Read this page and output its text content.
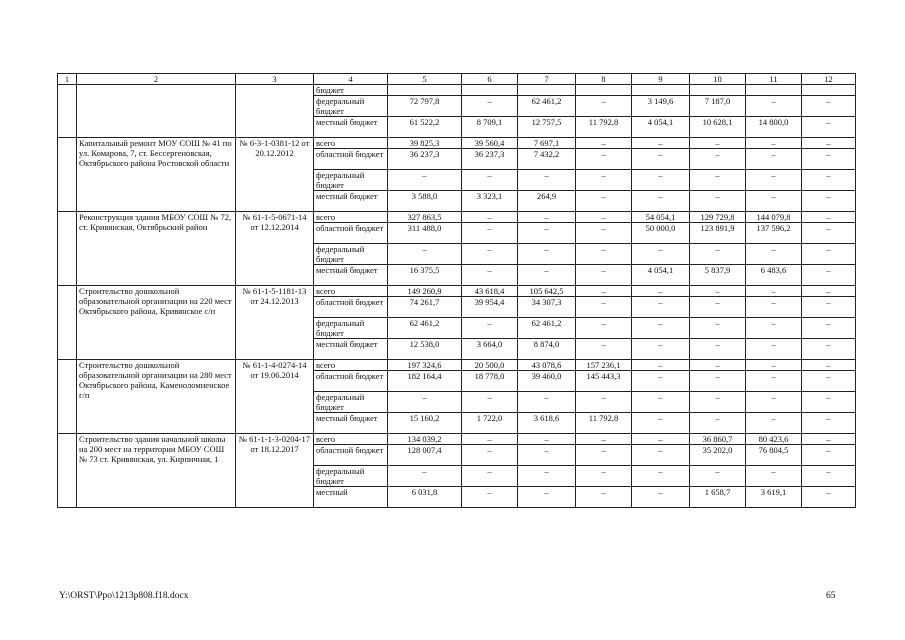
1	2	3	4	5	6	7	8	9	10	11	12
			бюджет								
			федеральный бюджет	72 797,8	–	62 461,2	–	3 149,6	7 187,0	–	–
			местный бюджет	61 522,2	8 709,1	12 757,5	11 792,8	4 054,1	10 628,1	14 800,0	–
	Капитальный ремонт МОУ СОШ № 41 по ул. Комарова, 7, ст. Бессергеновская, Октябрьского района Ростовской области	№ 6-3-1-0381-12 от 20.12.2012	всего	39 825,3	39 560,4	7 697,1	–	–	–	–	–
			областной бюджет	36 237,3	36 237,3	7 432,2	–	–	–	–	–
			федеральный бюджет	–	–	–	–	–	–	–	–
			местный бюджет	3 588,0	3 323,1	264,9	–	–	–	–	–
	Реконструкция здания МБОУ СОШ № 72, ст. Кривянская, Октябрьский район	№ 61-1-5-0671-14 от 12.12.2014	всего	327 863,5	–	–	–	54 054,1	129 729,8	144 079,8	–
			областной бюджет	311 488,0	–	–	–	50 000,0	123 891,9	137 596,2	–
			федеральный бюджет	–	–	–	–	–	–	–	–
			местный бюджет	16 375,5	–	–	–	4 054,1	5 837,9	6 483,6	–
	Строительство дошкольной образовательной организации на 220 мест Октябрьского района, Кривянское с/п	№ 61-1-5-1181-13 от 24.12.2013	всего	149 260,9	43 618,4	105 642,5	–	–	–	–	–
			областной бюджет	74 261,7	39 954,4	34 307,3	–	–	–	–	–
			федеральный бюджет	62 461,2	–	62 461,2	–	–	–	–	–
			местный бюджет	12 538,0	3 664,0	8 874,0	–	–	–	–	–
	Строительство дошкольной образовательной организации на 280 мест Октябрьского района, Каменоломненское г/п	№ 61-1-4-0274-14 от 19.06.2014	всего	197 324,6	20 500,0	43 078,6	157 236,1	–	–	–	–
			областной бюджет	182 164,4	18 778,0	39 460,0	145 443,3	–	–	–	–
			федеральный бюджет	–	–	–	–	–	–	–	–
			местный бюджет	15 160,2	1 722,0	3 618,6	11 792,8	–	–	–	–
	Строительство здания начальной школы на 200 мест на территории МБОУ СОШ № 73 ст. Кривянская, ул. Кирпичная, 1	№ 61-1-1-3-0204-17 от 18.12.2017	всего	134 039,2	–	–	–	–	36 860,7	80 423,6	–
			областной бюджет	128 007,4	–	–	–	–	35 202,0	76 804,5	–
			федеральный бюджет	–	–	–	–	–	–	–	–
			местный	6 031,8	–	–	–	–	1 658,7	3 619,1	–
Y:\ORST\Ppo\1213p808.f18.docx	65
